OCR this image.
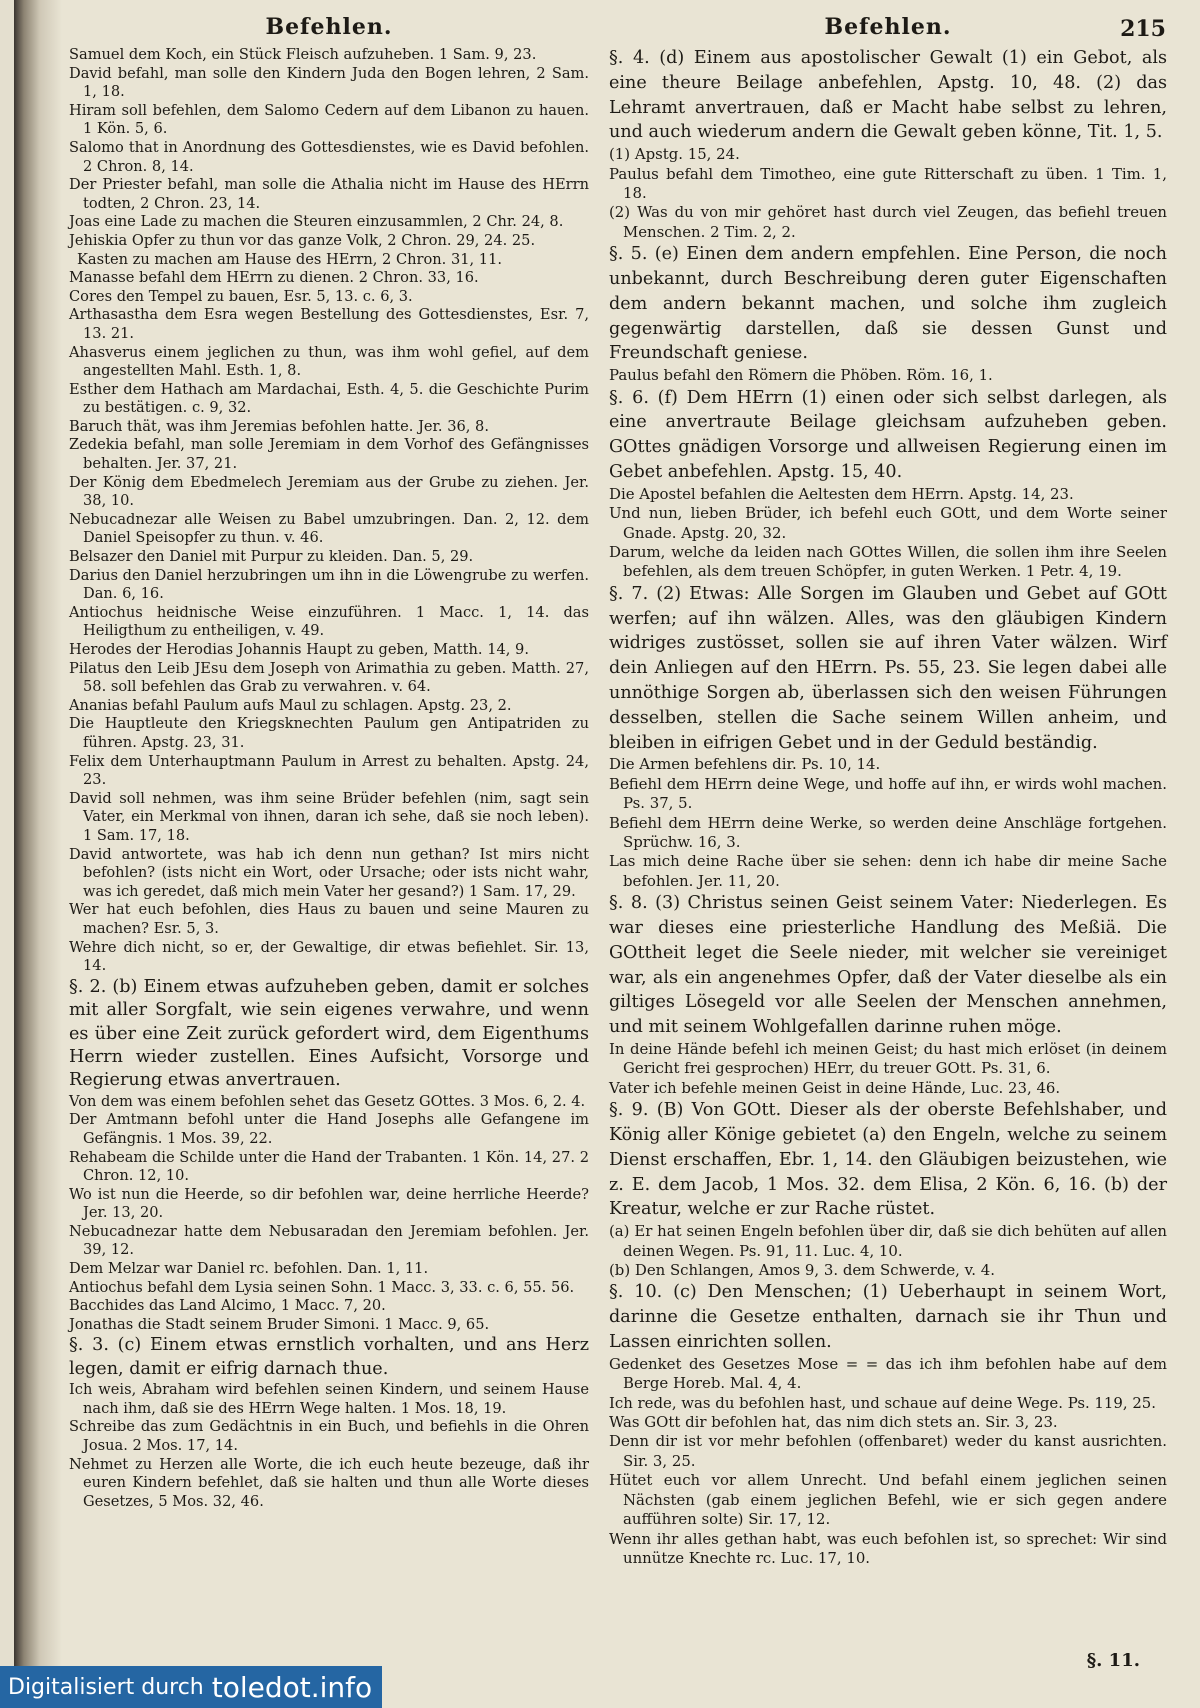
Befehlen.

Samuel dem Koch, ein Stück Fleisch aufzuheben. 1 Sam. 9, 23.

David befahl, man solle den Kindern Juda den Bogen lehren, 2 Sam. 1, 18.

Hiram soll befehlen, dem Salomo Cedern auf dem Libanon zu hauen. 1 Kön. 5, 6.

Salomo that in Anordnung des Gottesdienstes, wie es David befohlen. 2 Chron. 8, 14.

Der Priester befahl, man solle die Athalia nicht im Hause des HErrn todten, 2 Chron. 23, 14.

Joas eine Lade zu machen die Steuren einzusammlen, 2 Chr. 24, 8.

Jehiskia Opfer zu thun vor das ganze Volk, 2 Chron. 29, 24. 25.

Kasten zu machen am Hause des HErrn, 2 Chron. 31, 11.

Manasse befahl dem HErrn zu dienen. 2 Chron. 33, 16.

Cores den Tempel zu bauen, Esr. 5, 13. c. 6, 3.

Arthasastha dem Esra wegen Bestellung des Gottesdienstes, Esr. 7, 13. 21.

Ahasverus einem jeglichen zu thun, was ihm wohl gefiel, auf dem angestellten Mahl. Esth. 1, 8.

Esther dem Hathach am Mardachai, Esth. 4, 5. die Geschichte Purim zu bestätigen. c. 9, 32.

Baruch thät, was ihm Jeremias befohlen hatte. Jer. 36, 8.

Zedekia befahl, man solle Jeremiam in dem Vorhof des Gefängnisses behalten. Jer. 37, 21.

Der König dem Ebedmelech Jeremiam aus der Grube zu ziehen. Jer. 38, 10.

Nebucadnezar alle Weisen zu Babel umzubringen. Dan. 2, 12. dem Daniel Speisopfer zu thun. v. 46.

Belsazer den Daniel mit Purpur zu kleiden. Dan. 5, 29.

Darius den Daniel herzubringen um ihn in die Löwengrube zu werfen. Dan. 6, 16.

Antiochus heidnische Weise einzuführen. 1 Macc. 1, 14. das Heiligthum zu entheiligen, v. 49.

Herodes der Herodias Johannis Haupt zu geben, Matth. 14, 9.

Pilatus den Leib JEsu dem Joseph von Arimathia zu geben. Matth. 27, 58. soll befehlen das Grab zu verwahren. v. 64.

Ananias befahl Paulum aufs Maul zu schlagen. Apstg. 23, 2.

Die Hauptleute den Kriegsknechten Paulum gen Antipatriden zu führen. Apstg. 23, 31.

Felix dem Unterhauptmann Paulum in Arrest zu behalten. Apstg. 24, 23.

David soll nehmen, was ihm seine Brüder befehlen (nim, sagt sein Vater, ein Merkmal von ihnen, daran ich sehe, daß sie noch leben). 1 Sam. 17, 18.

David antwortete, was hab ich denn nun gethan? Ist mirs nicht befohlen? (ists nicht ein Wort, oder Ursache; oder ists nicht wahr, was ich geredet, daß mich mein Vater her gesand?) 1 Sam. 17, 29.

Wer hat euch befohlen, dies Haus zu bauen und seine Mauren zu machen? Esr. 5, 3.

Wehre dich nicht, so er, der Gewaltige, dir etwas befiehlet. Sir. 13, 14.

§. 2. (b) Einem etwas aufzuheben geben, damit er solches mit aller Sorgfalt, wie sein eigenes verwahre, und wenn es über eine Zeit zurück gefordert wird, dem Eigenthums Herrn wieder zustellen. Eines Aufsicht, Vorsorge und Regierung etwas anvertrauen.

Von dem was einem befohlen sehet das Gesetz GOttes. 3 Mos. 6, 2. 4.

Der Amtmann befohl unter die Hand Josephs alle Gefangene im Gefängnis. 1 Mos. 39, 22.

Rehabeam die Schilde unter die Hand der Trabanten. 1 Kön. 14, 27. 2 Chron. 12, 10.

Wo ist nun die Heerde, so dir befohlen war, deine herrliche Heerde? Jer. 13, 20.

Nebucadnezar hatte dem Nebusaradan den Jeremiam befohlen. Jer. 39, 12.

Dem Melzar war Daniel rc. befohlen. Dan. 1, 11.

Antiochus befahl dem Lysia seinen Sohn. 1 Macc. 3, 33. c. 6, 55. 56.

Bacchides das Land Alcimo, 1 Macc. 7, 20.

Jonathas die Stadt seinem Bruder Simoni. 1 Macc. 9, 65.

§. 3. (c) Einem etwas ernstlich vorhalten, und ans Herz legen, damit er eifrig darnach thue.

Ich weis, Abraham wird befehlen seinen Kindern, und seinem Hause nach ihm, daß sie des HErrn Wege halten. 1 Mos. 18, 19.

Schreibe das zum Gedächtnis in ein Buch, und befiehls in die Ohren Josua. 2 Mos. 17, 14.

Nehmet zu Herzen alle Worte, die ich euch heute bezeuge, daß ihr euren Kindern befehlet, daß sie halten und thun alle Worte dieses Gesetzes, 5 Mos. 32, 46.

Befehlen.

§. 4. (d) Einem aus apostolischer Gewalt (1) ein Gebot, als eine theure Beilage anbefehlen, Apstg. 10, 48. (2) das Lehramt anvertrauen, daß er Macht habe selbst zu lehren, und auch wiederum andern die Gewalt geben könne, Tit. 1, 5.

(1) Apstg. 15, 24.

Paulus befahl dem Timotheo, eine gute Ritterschaft zu üben. 1 Tim. 1, 18.

(2) Was du von mir gehöret hast durch viel Zeugen, das befiehl treuen Menschen. 2 Tim. 2, 2.

§. 5. (e) Einen dem andern empfehlen. Eine Person, die noch unbekannt, durch Beschreibung deren guter Eigenschaften dem andern bekannt machen, und solche ihm zugleich gegenwärtig darstellen, daß sie dessen Gunst und Freundschaft geniese.

Paulus befahl den Römern die Phöben. Röm. 16, 1.

§. 6. (f) Dem HErrn (1) einen oder sich selbst darlegen, als eine anvertraute Beilage gleichsam aufzuheben geben. GOttes gnädigen Vorsorge und allweisen Regierung einen im Gebet anbefehlen. Apstg. 15, 40.

Die Apostel befahlen die Aeltesten dem HErrn. Apstg. 14, 23.

Und nun, lieben Brüder, ich befehl euch GOtt, und dem Worte seiner Gnade. Apstg. 20, 32.

Darum, welche da leiden nach GOttes Willen, die sollen ihm ihre Seelen befehlen, als dem treuen Schöpfer, in guten Werken. 1 Petr. 4, 19.

§. 7. (2) Etwas: Alle Sorgen im Glauben und Gebet auf GOtt werfen; auf ihn wälzen. Alles, was den gläubigen Kindern widriges zustösset, sollen sie auf ihren Vater wälzen. Wirf dein Anliegen auf den HErrn. Ps. 55, 23. Sie legen dabei alle unnöthige Sorgen ab, überlassen sich den weisen Führungen desselben, stellen die Sache seinem Willen anheim, und bleiben in eifrigen Gebet und in der Geduld beständig.

Die Armen befehlens dir. Ps. 10, 14.

Befiehl dem HErrn deine Wege, und hoffe auf ihn, er wirds wohl machen. Ps. 37, 5.

Befiehl dem HErrn deine Werke, so werden deine Anschläge fortgehen. Sprüchw. 16, 3.

Las mich deine Rache über sie sehen: denn ich habe dir meine Sache befohlen. Jer. 11, 20.

§. 8. (3) Christus seinen Geist seinem Vater: Niederlegen. Es war dieses eine priesterliche Handlung des Meßiä. Die GOttheit leget die Seele nieder, mit welcher sie vereiniget war, als ein angenehmes Opfer, daß der Vater dieselbe als ein giltiges Lösegeld vor alle Seelen der Menschen annehmen, und mit seinem Wohlgefallen darinne ruhen möge.

In deine Hände befehl ich meinen Geist; du hast mich erlöset (in deinem Gericht frei gesprochen) HErr, du treuer GOtt. Ps. 31, 6.

Vater ich befehle meinen Geist in deine Hände, Luc. 23, 46.

§. 9. (B) Von GOtt. Dieser als der oberste Befehlshaber, und König aller Könige gebietet (a) den Engeln, welche zu seinem Dienst erschaffen, Ebr. 1, 14. den Gläubigen beizustehen, wie z. E. dem Jacob, 1 Mos. 32. dem Elisa, 2 Kön. 6, 16. (b) der Kreatur, welche er zur Rache rüstet.

(a) Er hat seinen Engeln befohlen über dir, daß sie dich behüten auf allen deinen Wegen. Ps. 91, 11. Luc. 4, 10.

(b) Den Schlangen, Amos 9, 3. dem Schwerde, v. 4.

§. 10. (c) Den Menschen; (1) Ueberhaupt in seinem Wort, darinne die Gesetze enthalten, darnach sie ihr Thun und Lassen einrichten sollen.

Gedenket des Gesetzes Mose = = das ich ihm befohlen habe auf dem Berge Horeb. Mal. 4, 4.

Ich rede, was du befohlen hast, und schaue auf deine Wege. Ps. 119, 25.

Was GOtt dir befohlen hat, das nim dich stets an. Sir. 3, 23.

Denn dir ist vor mehr befohlen (offenbaret) weder du kanst ausrichten. Sir. 3, 25.

Hütet euch vor allem Unrecht. Und befahl einem jeglichen seinen Nächsten (gab einem jeglichen Befehl, wie er sich gegen andere aufführen solte) Sir. 17, 12.

Wenn ihr alles gethan habt, was euch befohlen ist, so sprechet: Wir sind unnütze Knechte rc. Luc. 17, 10.

215
§. 11.
Digitalisiert durch toledot.info
